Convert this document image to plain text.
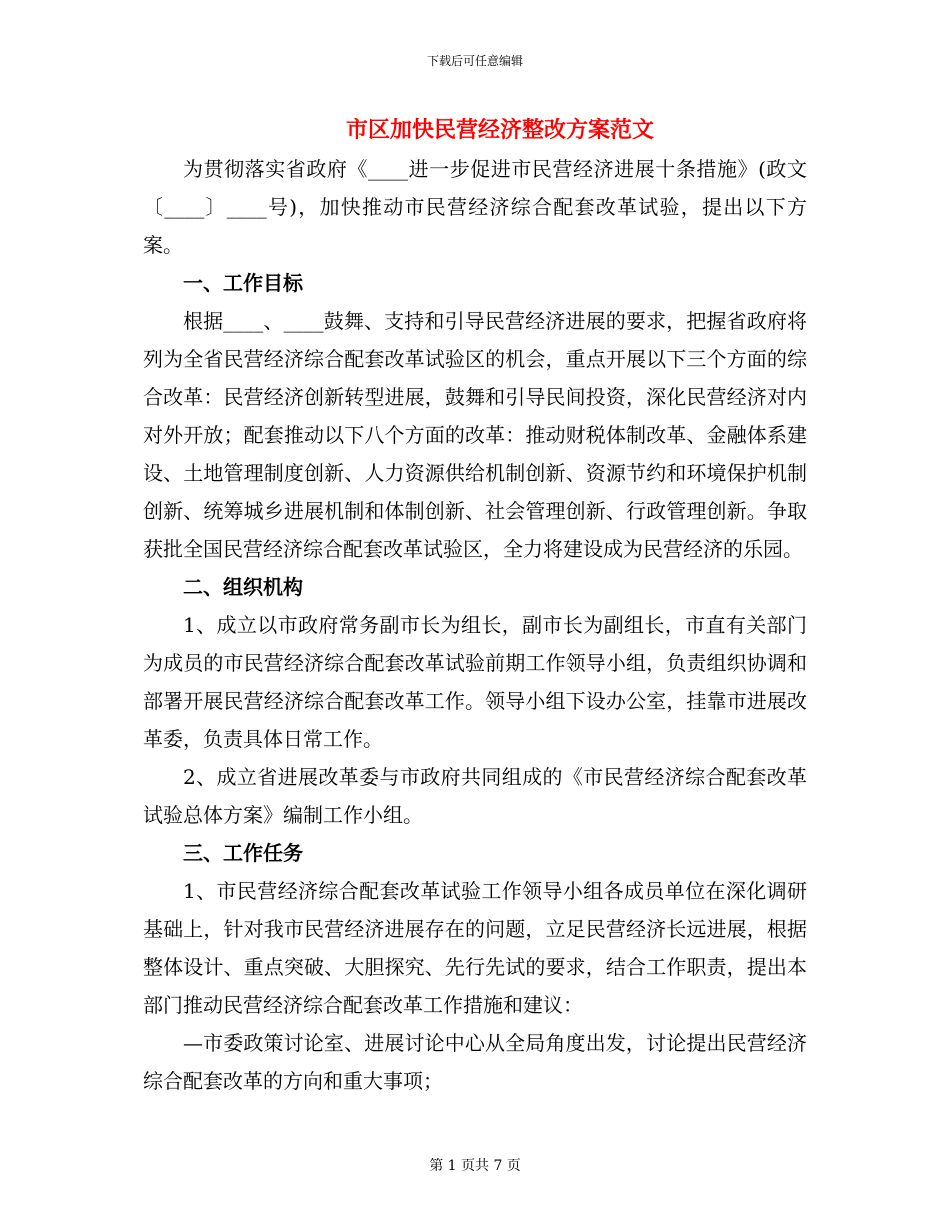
下载后可任意编辑
市区加快民营经济整改方案范文

为贯彻落实省政府《____进一步促进市民营经济进展十条措施》(政文〔____〕____号)，加快推动市民营经济综合配套改革试验，提出以下方案。

一、工作目标

根据____、____鼓舞、支持和引导民营经济进展的要求，把握省政府将列为全省民营经济综合配套改革试验区的机会，重点开展以下三个方面的综合改革：民营经济创新转型进展，鼓舞和引导民间投资，深化民营经济对内对外开放；配套推动以下八个方面的改革：推动财税体制改革、金融体系建设、土地管理制度创新、人力资源供给机制创新、资源节约和环境保护机制创新、统筹城乡进展机制和体制创新、社会管理创新、行政管理创新。争取获批全国民营经济综合配套改革试验区，全力将建设成为民营经济的乐园。

二、组织机构

1、成立以市政府常务副市长为组长，副市长为副组长，市直有关部门为成员的市民营经济综合配套改革试验前期工作领导小组，负责组织协调和部署开展民营经济综合配套改革工作。领导小组下设办公室，挂靠市进展改革委，负责具体日常工作。

2、成立省进展改革委与市政府共同组成的《市民营经济综合配套改革试验总体方案》编制工作小组。

三、工作任务

1、市民营经济综合配套改革试验工作领导小组各成员单位在深化调研基础上，针对我市民营经济进展存在的问题，立足民营经济长远进展，根据整体设计、重点突破、大胆探究、先行先试的要求，结合工作职责，提出本部门推动民营经济综合配套改革工作措施和建议：

—市委政策讨论室、进展讨论中心从全局角度出发，讨论提出民营经济综合配套改革的方向和重大事项；

第 1 页共 7 页
